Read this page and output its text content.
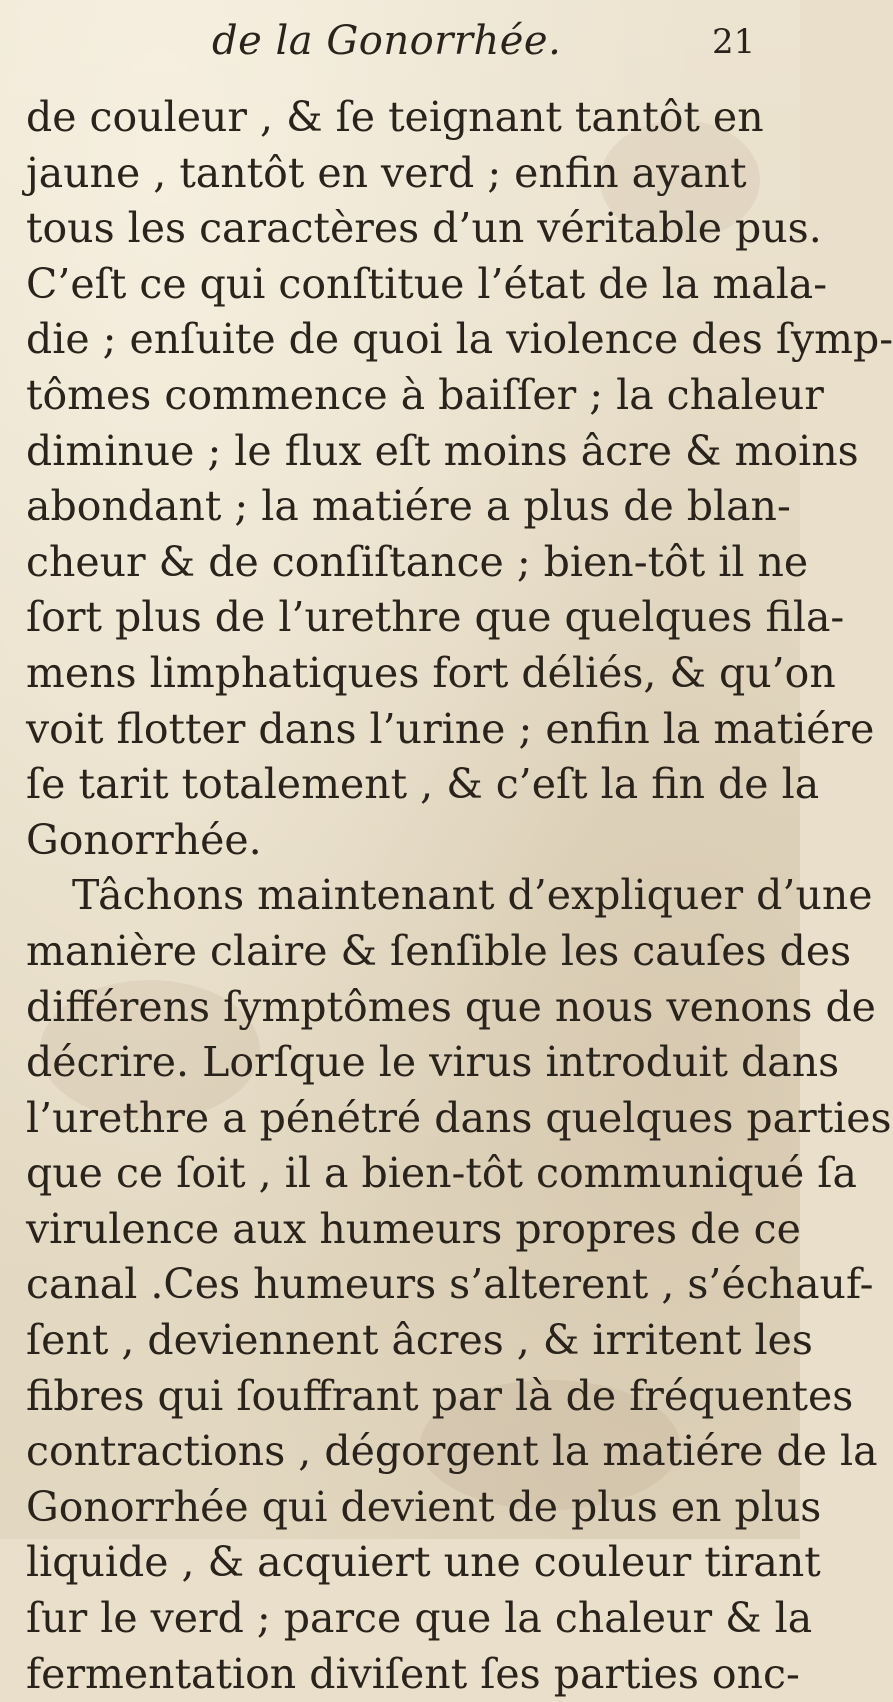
de la Gonorrhée.	21
de couleur , & ſe teignant tantôt en
jaune , tantôt en verd ; enfin ayant
tous les caractères d’un véritable pus.
C’eſt ce qui conſtitue l’état de la mala-
die ; enſuite de quoi la violence des ſymp-
tômes commence à baiſſer ; la chaleur
diminue ; le flux eſt moins âcre & moins
abondant ; la matiére a plus de blan-
cheur & de conſiſtance ; bien-tôt il ne
ſort plus de l’urethre que quelques fila-
mens limphatiques fort déliés, & qu’on
voit flotter dans l’urine ; enfin la matiére
ſe tarit totalement , & c’eſt la fin de la
Gonorrhée.
Tâchons maintenant d’expliquer d’une
manière claire & ſenſible les cauſes des
différens ſymptômes que nous venons de
décrire. Lorſque le virus introduit dans
l’urethre a pénétré dans quelques parties
que ce ſoit , il a bien-tôt communiqué ſa
virulence aux humeurs propres de ce
canal .Ces humeurs s’alterent , s’échauf-
ſent , deviennent âcres , & irritent les
fibres qui ſouffrant par là de fréquentes
contractions , dégorgent la matiére de la
Gonorrhée qui devient de plus en plus
liquide , & acquiert une couleur tirant
ſur le verd ; parce que la chaleur & la
fermentation diviſent ſes parties onc-
